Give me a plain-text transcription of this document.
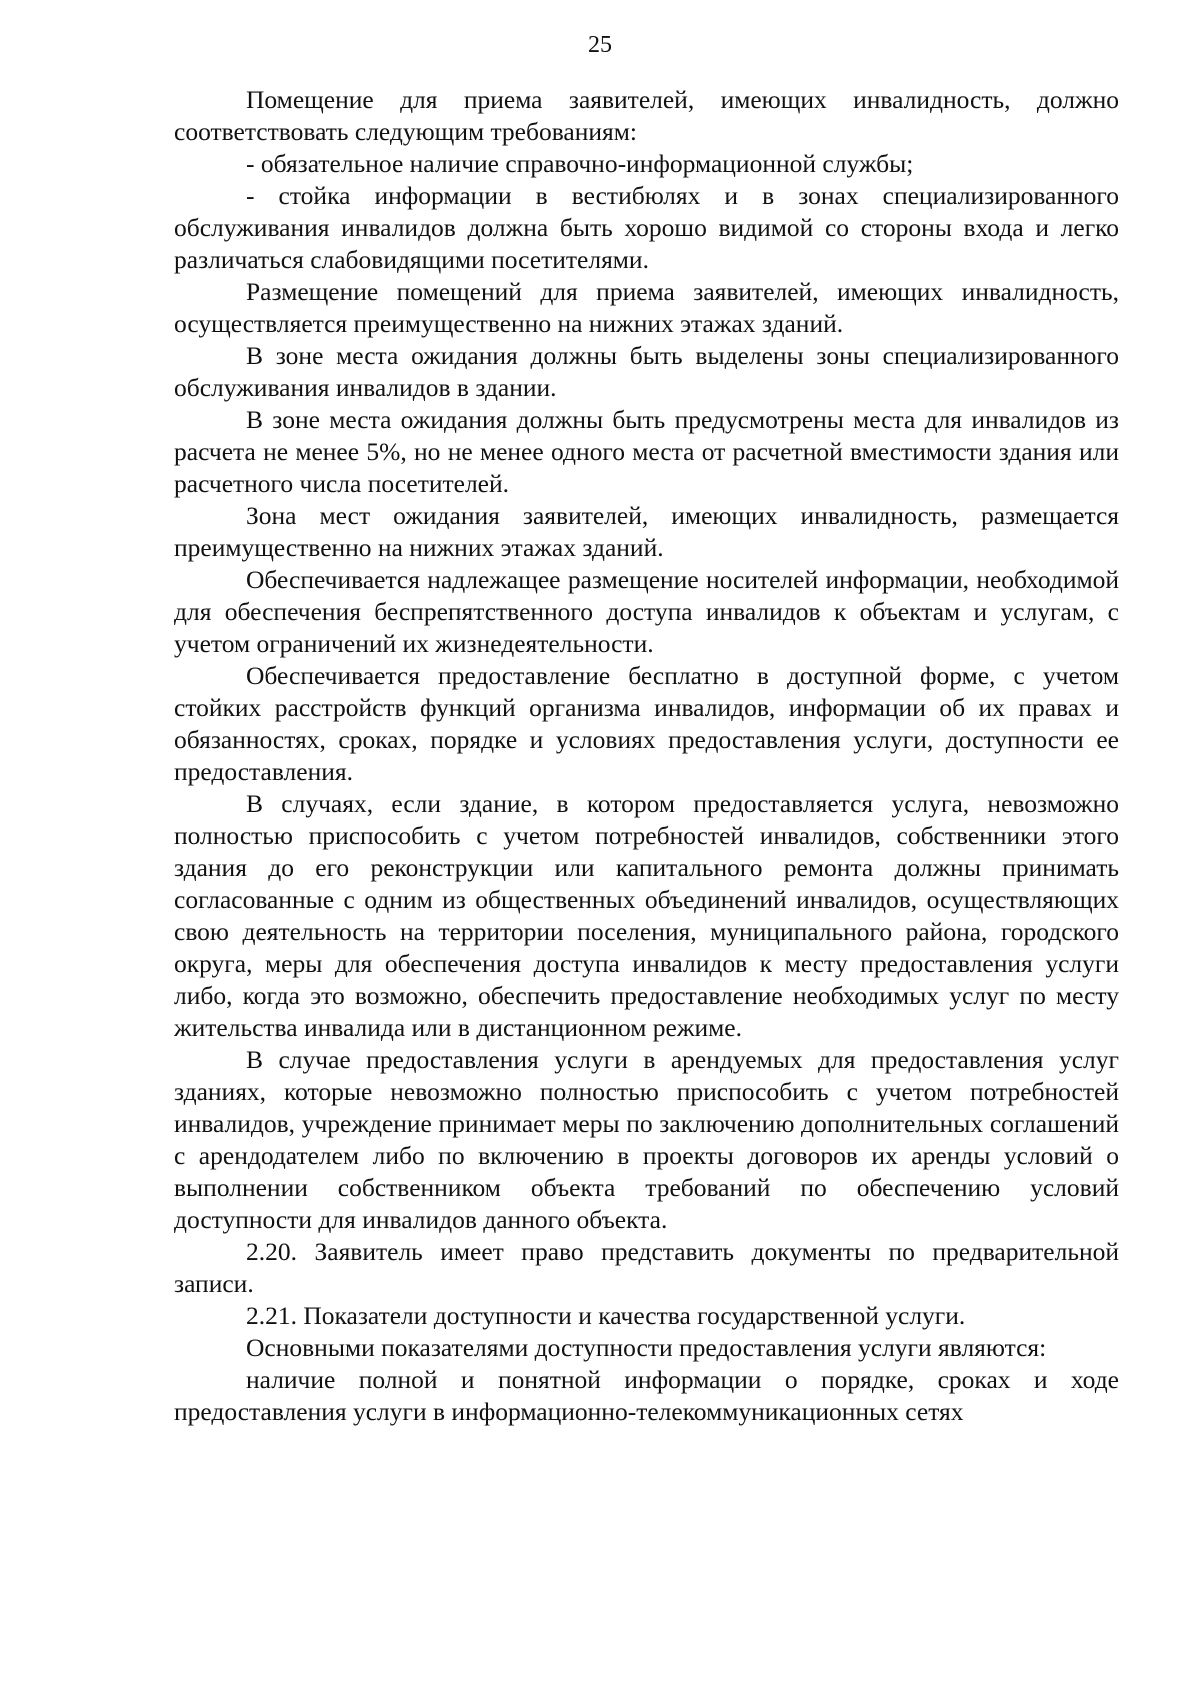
25

Помещение для приема заявителей, имеющих инвалидность, должно соответствовать следующим требованиям:

- обязательное наличие справочно-информационной службы;

- стойка информации в вестибюлях и в зонах специализированного обслуживания инвалидов должна быть хорошо видимой со стороны входа и легко различаться слабовидящими посетителями.

Размещение помещений для приема заявителей, имеющих инвалидность, осуществляется преимущественно на нижних этажах зданий.

В зоне места ожидания должны быть выделены зоны специализированного обслуживания инвалидов в здании.

В зоне места ожидания должны быть предусмотрены места для инвалидов из расчета не менее 5%, но не менее одного места от расчетной вместимости здания или расчетного числа посетителей.

Зона мест ожидания заявителей, имеющих инвалидность, размещается преимущественно на нижних этажах зданий.

Обеспечивается надлежащее размещение носителей информации, необходимой для обеспечения беспрепятственного доступа инвалидов к объектам и услугам, с учетом ограничений их жизнедеятельности.

Обеспечивается предоставление бесплатно в доступной форме, с учетом стойких расстройств функций организма инвалидов, информации об их правах и обязанностях, сроках, порядке и условиях предоставления услуги, доступности ее предоставления.

В случаях, если здание, в котором предоставляется услуга, невозможно полностью приспособить с учетом потребностей инвалидов, собственники этого здания до его реконструкции или капитального ремонта должны принимать согласованные с одним из общественных объединений инвалидов, осуществляющих свою деятельность на территории поселения, муниципального района, городского округа, меры для обеспечения доступа инвалидов к месту предоставления услуги либо, когда это возможно, обеспечить предоставление необходимых услуг по месту жительства инвалида или в дистанционном режиме.

В случае предоставления услуги в арендуемых для предоставления услуг зданиях, которые невозможно полностью приспособить с учетом потребностей инвалидов, учреждение принимает меры по заключению дополнительных соглашений с арендодателем либо по включению в проекты договоров их аренды условий о выполнении собственником объекта требований по обеспечению условий доступности для инвалидов данного объекта.

2.20. Заявитель имеет право представить документы по предварительной записи.

2.21. Показатели доступности и качества государственной услуги.

Основными показателями доступности предоставления услуги являются:

наличие полной и понятной информации о порядке, сроках и ходе предоставления услуги в информационно-телекоммуникационных сетях
